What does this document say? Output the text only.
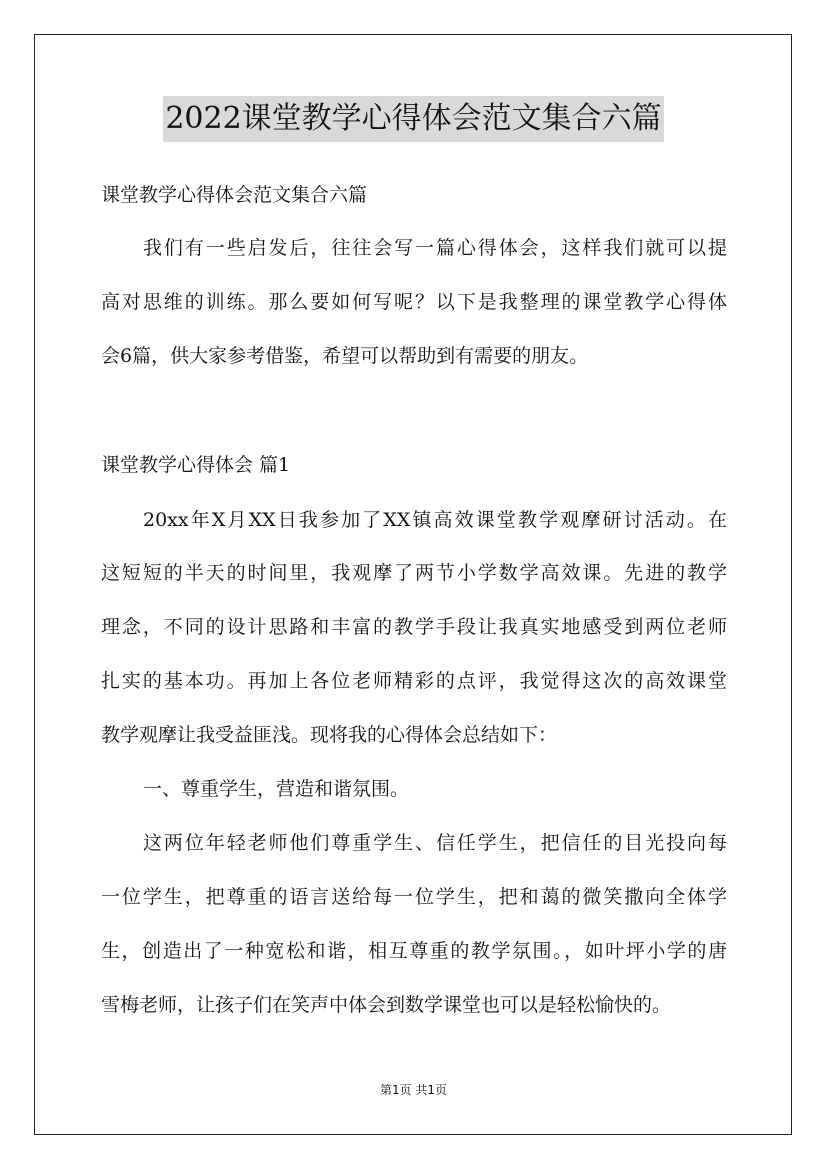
2022课堂教学心得体会范文集合六篇
课堂教学心得体会范文集合六篇
我们有一些启发后，往往会写一篇心得体会，这样我们就可以提
高对思维的训练。那么要如何写呢？以下是我整理的课堂教学心得体
会6篇，供大家参考借鉴，希望可以帮助到有需要的朋友。
课堂教学心得体会 篇1
20xx年X月XX日我参加了XX镇高效课堂教学观摩研讨活动。在
这短短的半天的时间里，我观摩了两节小学数学高效课。先进的教学
理念，不同的设计思路和丰富的教学手段让我真实地感受到两位老师
扎实的基本功。再加上各位老师精彩的点评，我觉得这次的高效课堂
教学观摩让我受益匪浅。现将我的心得体会总结如下：
一、尊重学生，营造和谐氛围。
这两位年轻老师他们尊重学生、信任学生，把信任的目光投向每
一位学生，把尊重的语言送给每一位学生，把和蔼的微笑撒向全体学
生，创造出了一种宽松和谐，相互尊重的教学氛围。，如叶坪小学的唐
雪梅老师，让孩子们在笑声中体会到数学课堂也可以是轻松愉快的。
第1页 共1页
